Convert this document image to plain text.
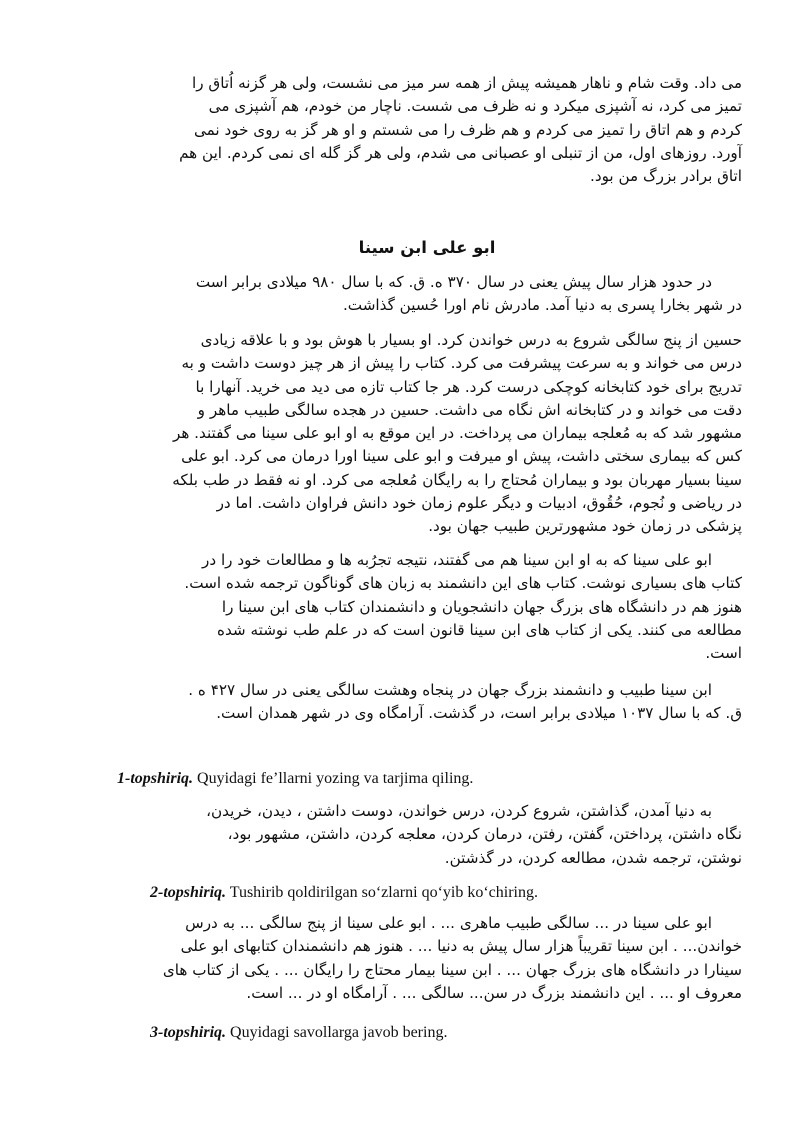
می داد. وقت شام و ناهار همیشه پیش از همه سر میز می نشست، ولی هر گزنه اُتاق را
تمیز می کرد، نه آشپزی میکرد و نه ظرف می شست. ناچار من خودم، هم آشپزی می
کردم و هم اتاق را تمیز می کردم و هم ظرف را می شستم و او هر گز به روی خود نمی
آورد. روزهای اول، من از تنبلی او عصبانی می شدم، ولی هر گز گله ای نمی کردم. این هم
اتاق برادر بزرگ من بود.
ابو علی ابن سینا
در حدود هزار سال پیش یعنی در سال ۳۷۰ ه. ق. که با سال ۹۸۰ میلادی برابر است
در شهر بخارا پسری به دنیا آمد. مادرش نام اورا حُسین گذاشت.
حسین از پنج سالگی شروع به درس خواندن کرد. او بسیار با هوش بود و با علاقه زیادی
درس می خواند و به سرعت پیشرفت می کرد. کتاب را پیش از هر چیز دوست داشت و به
تدریج برای خود کتابخانه کوچکی درست کرد. هر جا کتاب تازه می دید می خرید. آنهارا با
دقت می خواند و در کتابخانه اش نگاه می داشت. حسین در هجده سالگی طبیب ماهر و
مشهور شد که به مُعلجه بیماران می پرداخت. در این موقع به او ابو علی سینا می گفتند. هر
کس که بیماری سختی داشت، پیش او میرفت و ابو علی سینا اورا درمان می کرد. ابو علی
سینا بسیار مهربان بود و بیماران مُحتاج را به رایگان مُعلجه می کرد. او نه فقط در طب بلکه
در ریاضی و نُجوم، حُقُوق، ادبیات و دیگر علوم زمان خود دانش فراوان داشت. اما در
پزشکی در زمان خود مشهورترین طبیب جهان بود.
ابو علی سینا که به او ابن سینا هم می گفتند، نتیجه تجرُبه ها و مطالعات خود را در
کتاب های بسیاری نوشت. کتاب های این دانشمند به زبان های گوناگون ترجمه شده است.
هنوز هم در دانشگاه های بزرگ جهان دانشجویان و دانشمندان کتاب های ابن سینا را
مطالعه می کنند. یکی از کتاب های ابن سینا قانون است که در علم طب نوشته شده
است.
ابن سینا طبیب و دانشمند بزرگ جهان در پنجاه وهشت سالگی یعنی در سال ۴۲۷ ه .
ق. که با سال ۱۰۳۷ میلادی برابر است، در گذشت. آرامگاه وی در شهر همدان است.
1-topshiriq. Quyidagi fe’llarni yozing va tarjima qiling.
به دنیا آمدن، گذاشتن، شروع کردن، درس خواندن، دوست داشتن ، دیدن، خریدن،
نگاه داشتن، پرداختن، گفتن، رفتن، درمان کردن، معلجه کردن، داشتن، مشهور بود،
نوشتن، ترجمه شدن، مطالعه کردن، در گذشتن.
2-topshiriq. Tushirib qoldirilgan so‘zlarni qo‘yib ko‘chiring.
ابو علی سینا در ... سالگی طبیب ماهری ... . ابو علی سینا از پنج سالگی ... به درس
خواندن... . ابن سینا تقریباً هزار سال پیش به دنیا ... . هنوز هم دانشمندان کتابهای ابو علی
سینارا در دانشگاه های بزرگ جهان ... . ابن سینا بیمار محتاج را رایگان ... . یکی از کتاب های
معروف او ... . این دانشمند بزرگ در سن... سالگی ... . آرامگاه او در ... است.
3-topshiriq. Quyidagi savollarga javob bering.
